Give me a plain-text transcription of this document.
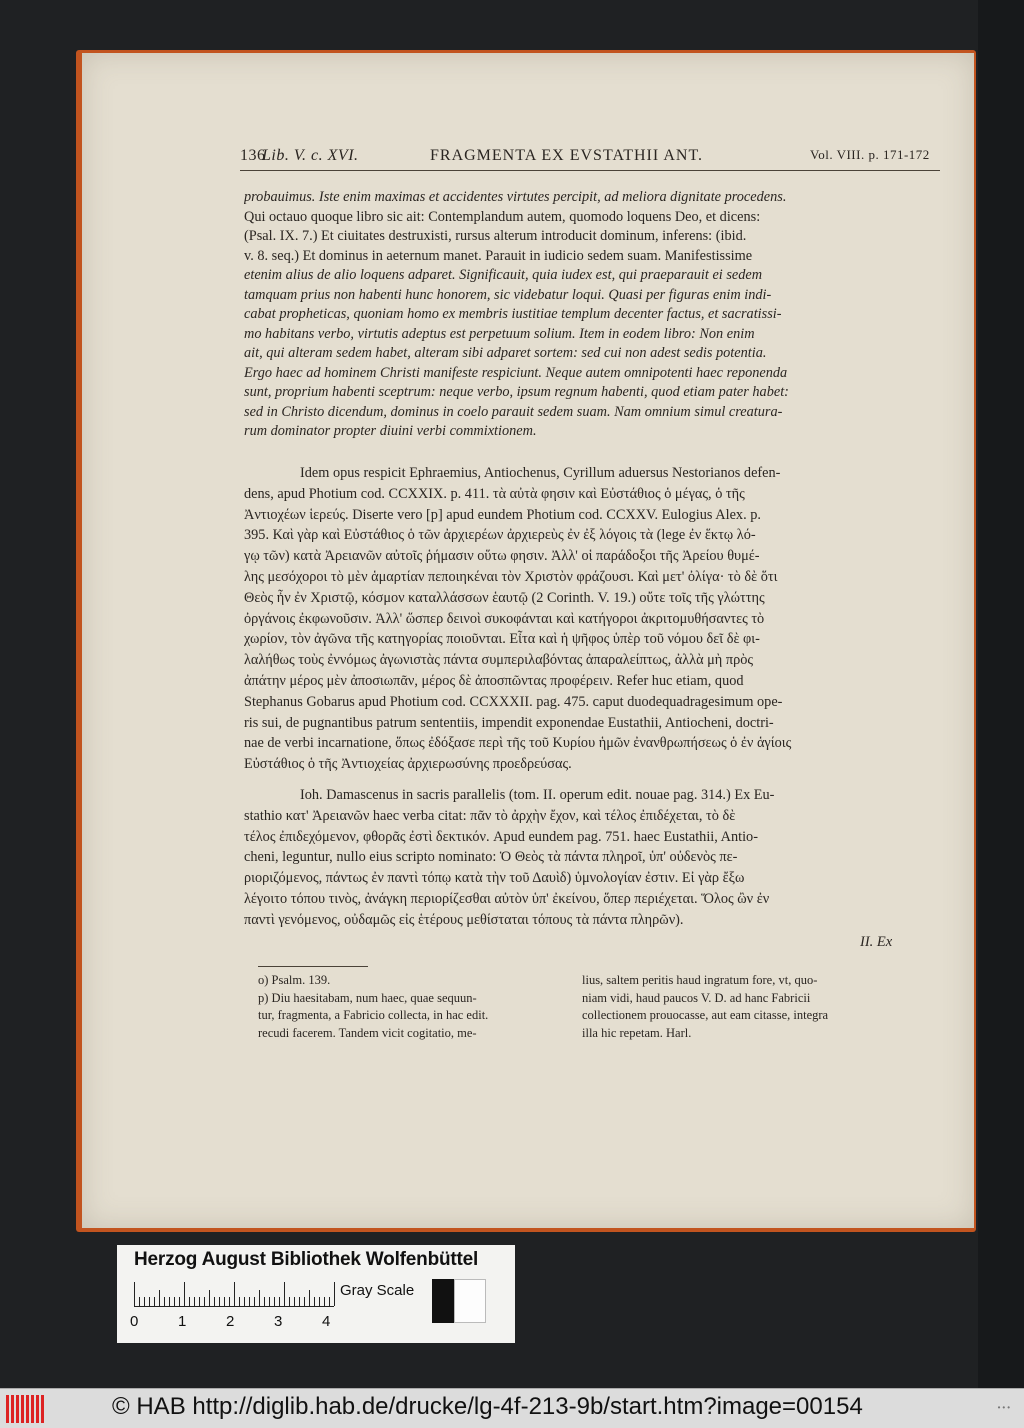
136
Lib. V. c. XVI.	FRAGMENTA EX EVSTATHII ANT.	Vol. VIII. p. 171-172
probauimus. Iste enim maximas et accidentes virtutes percipit, ad meliora dignitate procedens.
Qui octauo quoque libro sic ait: Contemplandum autem, quomodo loquens Deo, et dicens:
(Psal. IX. 7.) Et ciuitates destruxisti, rursus alterum introducit dominum, inferens: (ibid.
v. 8. seq.) Et dominus in aeternum manet. Parauit in iudicio sedem suam. Manifestissime
etenim alius de alio loquens adparet. Significauit, quia iudex est, qui praeparauit ei sedem
tamquam prius non habenti hunc honorem, sic videbatur loqui. Quasi per figuras enim indi-
cabat propheticas, quoniam homo ex membris iustitiae templum decenter factus, et sacratissi-
mo habitans verbo, virtutis adeptus est perpetuum solium. Item in eodem libro: Non enim
ait, qui alteram sedem habet, alteram sibi adparet sortem: sed cui non adest sedis potentia.
Ergo haec ad hominem Christi manifeste respiciunt. Neque autem omnipotenti haec reponenda
sunt, proprium habenti sceptrum: neque verbo, ipsum regnum habenti, quod etiam pater habet:
sed in Christo dicendum, dominus in coelo parauit sedem suam. Nam omnium simul creatura-
rum dominator propter diuini verbi commixtionem.
Idem opus respicit Ephraemius, Antiochenus, Cyrillum aduersus Nestorianos defen-
dens, apud Photium cod. CCXXIX. p. 411. τὰ αὐτὰ φησιν καὶ Εὐστάθιος ὁ μέγας, ὁ τῆς
Ἀντιοχέων ἱερεύς. Diserte vero [p] apud eundem Photium cod. CCXXV. Eulogius Alex. p.
395. Καὶ γὰρ καὶ Εὐστάθιος ὁ τῶν ἀρχιερέων ἀρχιερεὺς ἐν ἐξ λόγοις τὰ (lege ἐν ἕκτῳ λό-
γῳ τῶν) κατὰ Ἀρειανῶν αὐτοῖς ῥήμασιν οὕτω φησιν. Ἀλλ' οἱ παράδοξοι τῆς Ἀρείου θυμέ-
λης μεσόχοροι τὸ μὲν ἁμαρτίαν πεποιηκέναι τὸν Χριστὸν φράζουσι. Καὶ μετ' ὀλίγα· τὸ δὲ ὅτι
Θεὸς ἦν ἐν Χριστῷ, κόσμον καταλλάσσων ἑαυτῷ (2 Corinth. V. 19.) οὔτε τοῖς τῆς γλώττης
ὀργάνοις ἐκφωνοῦσιν. Ἀλλ' ὥσπερ δεινοὶ συκοφάνται καὶ κατήγοροι ἀκριτομυθήσαντες τὸ
χωρίον, τὸν ἀγῶνα τῆς κατηγορίας ποιοῦνται. Εἶτα καὶ ἡ ψῆφος ὑπὲρ τοῦ νόμου δεῖ δὲ φι-
λαλήθως τοὺς ἐννόμως ἀγωνιστὰς πάντα συμπεριλαβόντας ἀπαραλείπτως, ἀλλὰ μὴ πρὸς
ἀπάτην μέρος μὲν ἀποσιωπᾶν, μέρος δὲ ἀποσπῶντας προφέρειν. Refer huc etiam, quod
Stephanus Gobarus apud Photium cod. CCXXXII. pag. 475. caput duodequadragesimum ope-
ris sui, de pugnantibus patrum sententiis, impendit exponendae Eustathii, Antiocheni, doctri-
nae de verbi incarnatione, ὅπως ἐδόξασε περὶ τῆς τοῦ Κυρίου ἡμῶν ἐνανθρωπήσεως ὁ ἐν ἁγίοις
Εὐστάθιος ὁ τῆς Ἀντιοχείας ἀρχιερωσύνης προεδρεύσας.
Ioh. Damascenus in sacris parallelis (tom. II. operum edit. nouae pag. 314.) Ex Eu-
stathio κατ' Ἀρειανῶν haec verba citat: πᾶν τὸ ἀρχὴν ἔχον, καὶ τέλος ἐπιδέχεται, τὸ δὲ
τέλος ἐπιδεχόμενον, φθορᾶς ἐστὶ δεκτικόν. Apud eundem pag. 751. haec Eustathii, Antio-
cheni, leguntur, nullo eius scripto nominato: Ὁ Θεὸς τὰ πάντα πληροῖ, ὑπ' οὐδενὸς πε-
ριοριζόμενος, πάντως ἐν παντὶ τόπῳ κατὰ τὴν τοῦ Δαυὶδ) ὑμνολογίαν ἐστιν. Εἰ γὰρ ἔξω
λέγοιτο τόπου τινὸς, ἀνάγκη περιορίζεσθαι αὐτὸν ὑπ' ἐκείνου, ὅπερ περιέχεται. Ὅλος ὢν ἐν
παντὶ γενόμενος, οὐδαμῶς εἰς ἑτέρους μεθίσταται τόπους τὰ πάντα πληρῶν).
II. Ex
o) Psalm. 139.
p) Diu haesitabam, num haec, quae sequun-
tur, fragmenta, a Fabricio collecta, in hac edit.
recudi facerem. Tandem vicit cogitatio, me-
lius, saltem peritis haud ingratum fore, vt, quo-
niam vidi, haud paucos V. D. ad hanc Fabricii
collectionem prouocasse, aut eam citasse, integra
illa hic repetam. Harl.
Herzog August Bibliothek Wolfenbüttel
0	1	2	3	4
Gray Scale
© HAB http://diglib.hab.de/drucke/lg-4f-213-9b/start.htm?image=00154	•••
